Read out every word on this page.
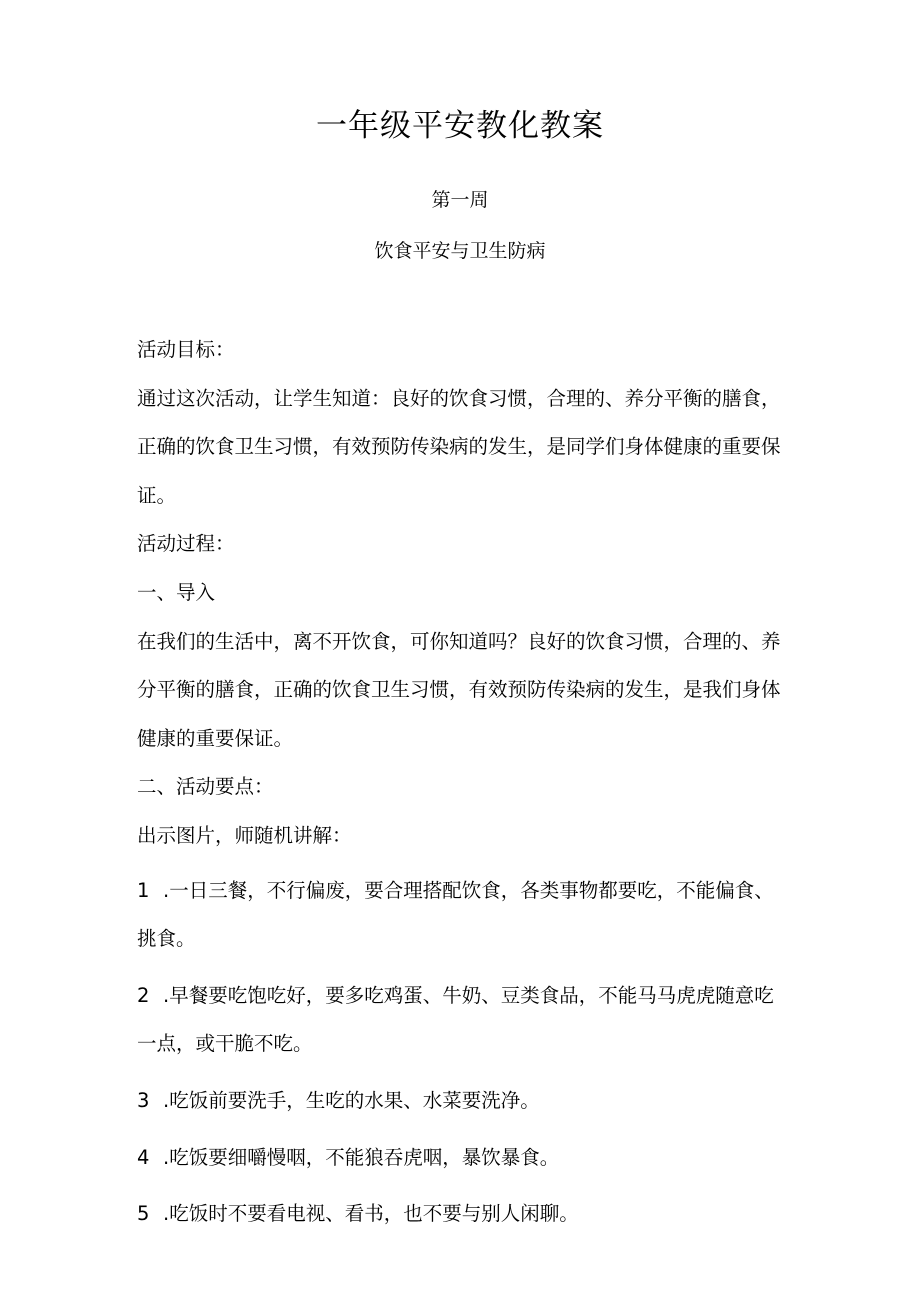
一年级平安教化教案
第一周
饮食平安与卫生防病

活动目标：

通过这次活动，让学生知道：良好的饮食习惯，合理的、养分平衡的膳食，正确的饮食卫生习惯，有效预防传染病的发生，是同学们身体健康的重要保证。

活动过程：

一、导入

在我们的生活中，离不开饮食，可你知道吗？良好的饮食习惯，合理的、养分平衡的膳食，正确的饮食卫生习惯，有效预防传染病的发生，是我们身体健康的重要保证。

二、活动要点：

出示图片，师随机讲解：

1 .一日三餐，不行偏废，要合理搭配饮食，各类事物都要吃，不能偏食、挑食。

2 .早餐要吃饱吃好，要多吃鸡蛋、牛奶、豆类食品，不能马马虎虎随意吃一点，或干脆不吃。

3 .吃饭前要洗手，生吃的水果、水菜要洗净。

4 .吃饭要细嚼慢咽，不能狼吞虎咽，暴饮暴食。

5 .吃饭时不要看电视、看书，也不要与别人闲聊。
